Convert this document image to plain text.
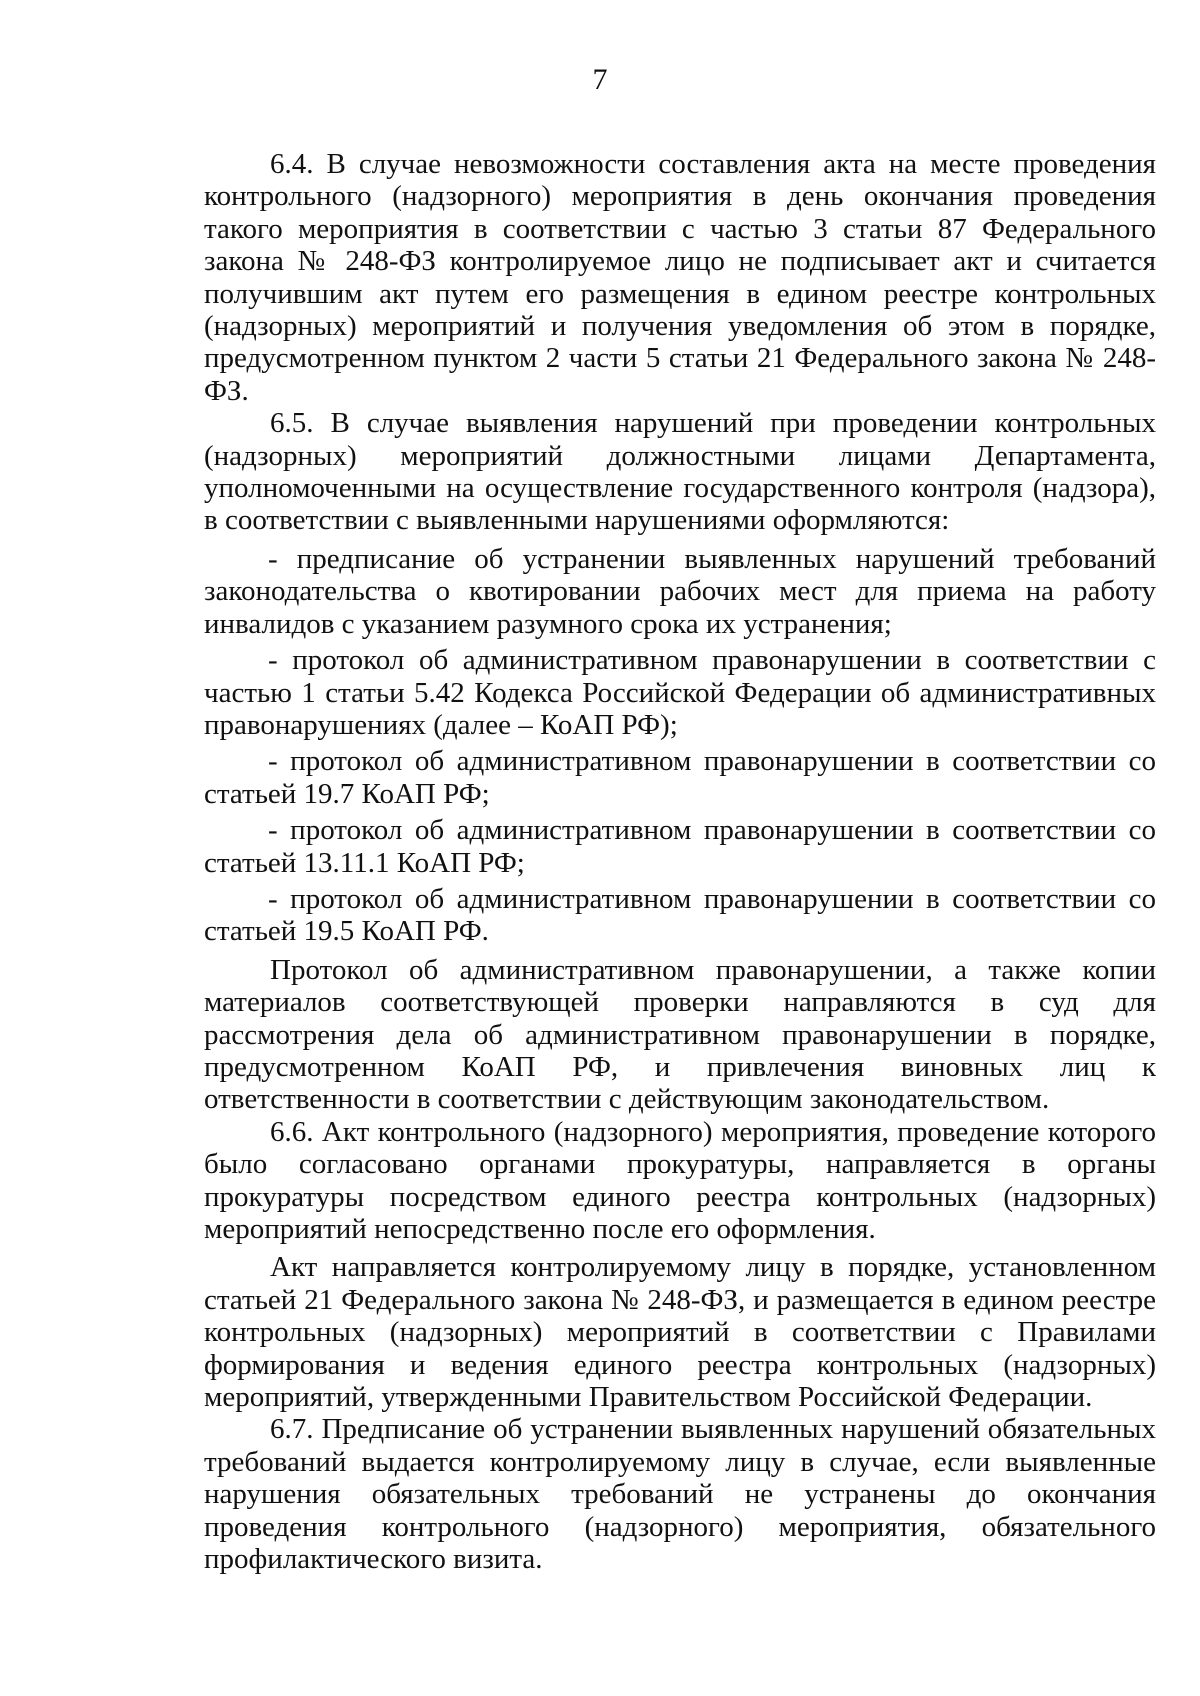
7

6.4. В случае невозможности составления акта на месте проведения контрольного (надзорного) мероприятия в день окончания проведения такого мероприятия в соответствии с частью 3 статьи 87 Федерального закона № 248-ФЗ контролируемое лицо не подписывает акт и считается получившим акт путем его размещения в едином реестре контрольных (надзорных) мероприятий и получения уведомления об этом в порядке, предусмотренном пунктом 2 части 5 статьи 21 Федерального закона № 248-ФЗ.

6.5. В случае выявления нарушений при проведении контрольных (надзорных) мероприятий должностными лицами Департамента, уполномоченными на осуществление государственного контроля (надзора), в соответствии с выявленными нарушениями оформляются:

- предписание об устранении выявленных нарушений требований законодательства о квотировании рабочих мест для приема на работу инвалидов с указанием разумного срока их устранения;

- протокол об административном правонарушении в соответствии с частью 1 статьи 5.42 Кодекса Российской Федерации об административных правонарушениях (далее – КоАП РФ);

- протокол об административном правонарушении в соответствии со статьей 19.7 КоАП РФ;

- протокол об административном правонарушении в соответствии со статьей 13.11.1 КоАП РФ;

- протокол об административном правонарушении в соответствии со статьей 19.5 КоАП РФ.

Протокол об административном правонарушении, а также копии материалов соответствующей проверки направляются в суд для рассмотрения дела об административном правонарушении в порядке, предусмотренном КоАП РФ, и привлечения виновных лиц к ответственности в соответствии с действующим законодательством.

6.6. Акт контрольного (надзорного) мероприятия, проведение которого было согласовано органами прокуратуры, направляется в органы прокуратуры посредством единого реестра контрольных (надзорных) мероприятий непосредственно после его оформления.

Акт направляется контролируемому лицу в порядке, установленном статьей 21 Федерального закона № 248-ФЗ, и размещается в едином реестре контрольных (надзорных) мероприятий в соответствии с Правилами формирования и ведения единого реестра контрольных (надзорных) мероприятий, утвержденными Правительством Российской Федерации.

6.7. Предписание об устранении выявленных нарушений обязательных требований выдается контролируемому лицу в случае, если выявленные нарушения обязательных требований не устранены до окончания проведения контрольного (надзорного) мероприятия, обязательного профилактического визита.
